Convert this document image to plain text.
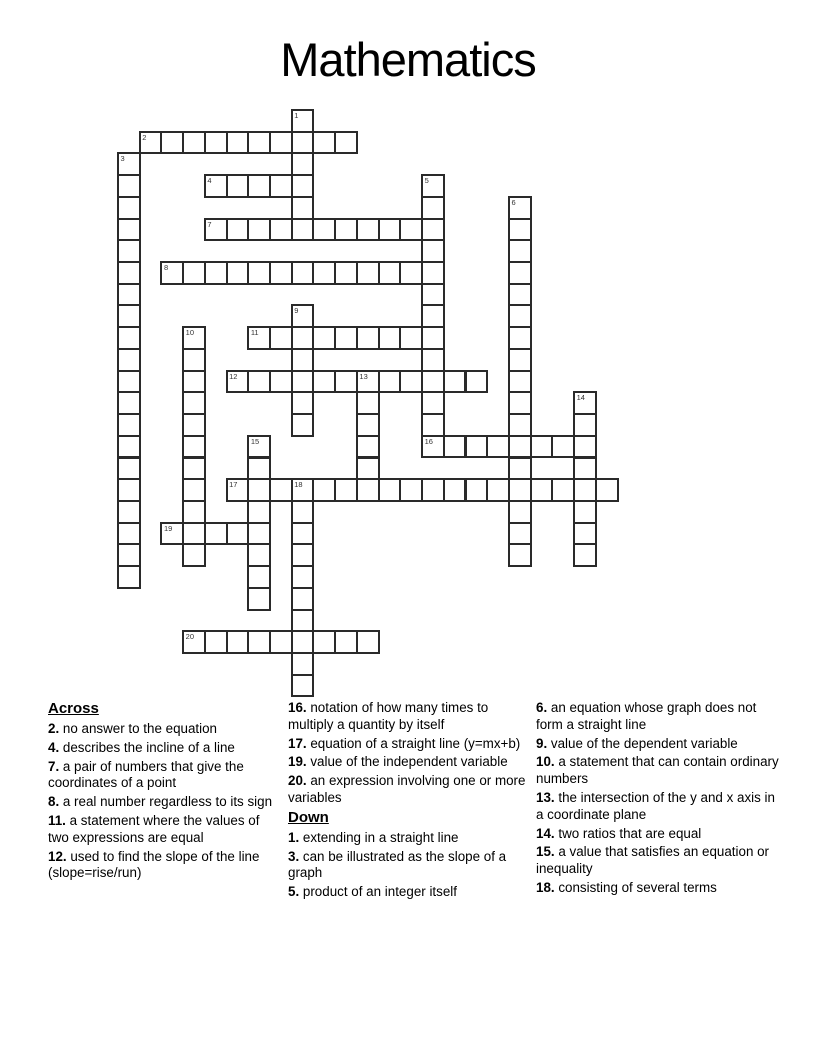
Mathematics
1
2
3
4	5
16
6
7
8
9
10	11
12	13
14
15
17	18
19
20

Across

2. no answer to the equation

4. describes the incline of a line

7. a pair of numbers that give the coordinates of a point

8. a real number regardless to its sign

11. a statement where the values of two expressions are equal

12. used to find the slope of the line (slope=rise/run)

16. notation of how many times to multiply a quantity by itself

17. equation of a straight line (y=mx+b)

19. value of the independent variable

20. an expression involving one or more variables

Down

1. extending in a straight line

3. can be illustrated as the slope of a graph

5. product of an integer itself

6. an equation whose graph does not form a straight line

9. value of the dependent variable

10. a statement that can contain ordinary numbers

13. the intersection of the y and x axis in a coordinate plane

14. two ratios that are equal

15. a value that satisfies an equation or inequality

18. consisting of several terms
